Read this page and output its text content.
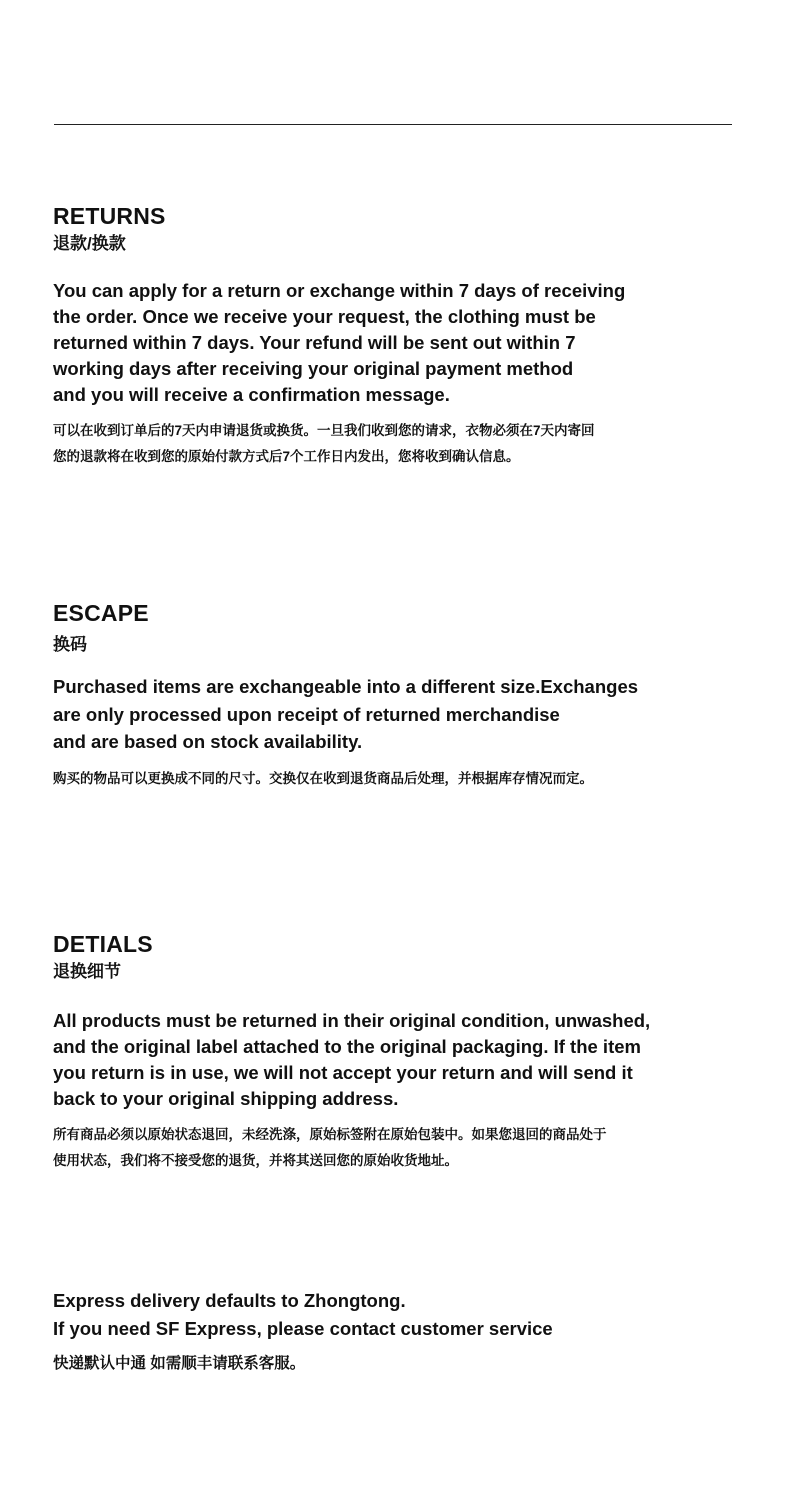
RETURNS
退款/换款
You can apply for a return or exchange within 7 days of receiving
the order. Once we receive your request, the clothing must be
returned within 7 days. Your refund will be sent out within 7
working days after receiving your original payment method
and you will receive a confirmation message.
可以在收到订单后的7天内申请退货或换货。一旦我们收到您的请求，衣物必须在7天内寄回
您的退款将在收到您的原始付款方式后7个工作日内发出，您将收到确认信息。
ESCAPE
换码
Purchased items are exchangeable into a different size.Exchanges
are only processed upon receipt of returned merchandise
and are based on stock availability.
购买的物品可以更换成不同的尺寸。交换仅在收到退货商品后处理，并根据库存情况而定。
DETIALS
退换细节
All products must be returned in their original condition, unwashed,
and the original label attached to the original packaging. If the item
you return is in use, we will not accept your return and will send it
back to your original shipping address.
所有商品必须以原始状态退回，未经洗涤，原始标签附在原始包装中。如果您退回的商品处于
使用状态，我们将不接受您的退货，并将其送回您的原始收货地址。
Express delivery defaults to Zhongtong.
If you need SF Express, please contact customer service
快递默认中通 如需顺丰请联系客服。
